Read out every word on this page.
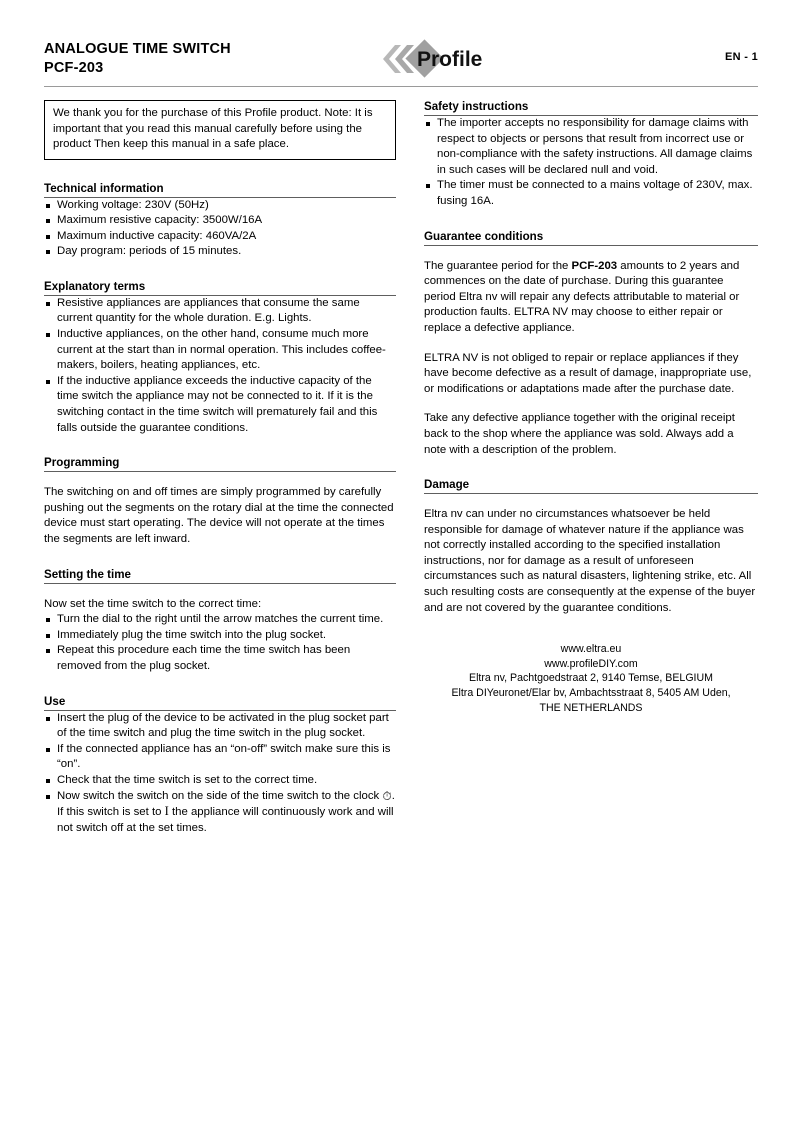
ANALOGUE TIME SWITCH
PCF-203	Profile	EN - 1

We thank you for the purchase of this Profile product. Note: It is important that you read this manual carefully before using the product Then keep this manual in a safe place.

Technical information
Working voltage: 230V (50Hz)
Maximum resistive capacity: 3500W/16A
Maximum inductive capacity: 460VA/2A
Day program: periods of 15 minutes.
Explanatory terms
Resistive appliances are appliances that consume the same current quantity for the whole duration. E.g. Lights.
Inductive appliances, on the other hand, consume much more current at the start than in normal operation. This includes coffee-makers, boilers, heating appliances, etc.
If the inductive appliance exceeds the inductive capacity of the time switch the appliance may not be connected to it. If it is the switching contact in the time switch will prematurely fail and this falls outside the guarantee conditions.
Programming

The switching on and off times are simply programmed by carefully pushing out the segments on the rotary dial at the time the connected device must start operating. The device will not operate at the times the segments are left inward.

Setting the time

Now set the time switch to the correct time:

Turn the dial to the right until the arrow matches the current time.
Immediately plug the time switch into the plug socket.
Repeat this procedure each time the time switch has been removed from the plug socket.
Use
Insert the plug of the device to be activated in the plug socket part of the time switch and plug the time switch in the plug socket.
If the connected appliance has an “on-off” switch make sure this is “on”.
Check that the time switch is set to the correct time.
Now switch the switch on the side of the time switch to the clock ⏱. If this switch is set to I the appliance will continuously work and will not switch off at the set times.
Safety instructions
The importer accepts no responsibility for damage claims with respect to objects or persons that result from incorrect use or non-compliance with the safety instructions. All damage claims in such cases will be declared null and void.
The timer must be connected to a mains voltage of 230V, max. fusing 16A.
Guarantee conditions

The guarantee period for the PCF-203 amounts to 2 years and commences on the date of purchase. During this guarantee period Eltra nv will repair any defects attributable to material or production faults. ELTRA NV may choose to either repair or replace a defective appliance.

ELTRA NV is not obliged to repair or replace appliances if they have become defective as a result of damage, inappropriate use, or modifications or adaptations made after the purchase date.

Take any defective appliance together with the original receipt back to the shop where the appliance was sold. Always add a note with a description of the problem.

Damage

Eltra nv can under no circumstances whatsoever be held responsible for damage of whatever nature if the appliance was not correctly installed according to the specified installation instructions, nor for damage as a result of unforeseen circumstances such as natural disasters, lightening strike, etc. All such resulting costs are consequently at the expense of the buyer and are not covered by the guarantee conditions.

www.eltra.eu
www.profileDIY.com
Eltra nv, Pachtgoedstraat 2, 9140 Temse, BELGIUM
Eltra DIYeuronet/Elar bv, Ambachtsstraat 8, 5405 AM Uden,
THE NETHERLANDS
